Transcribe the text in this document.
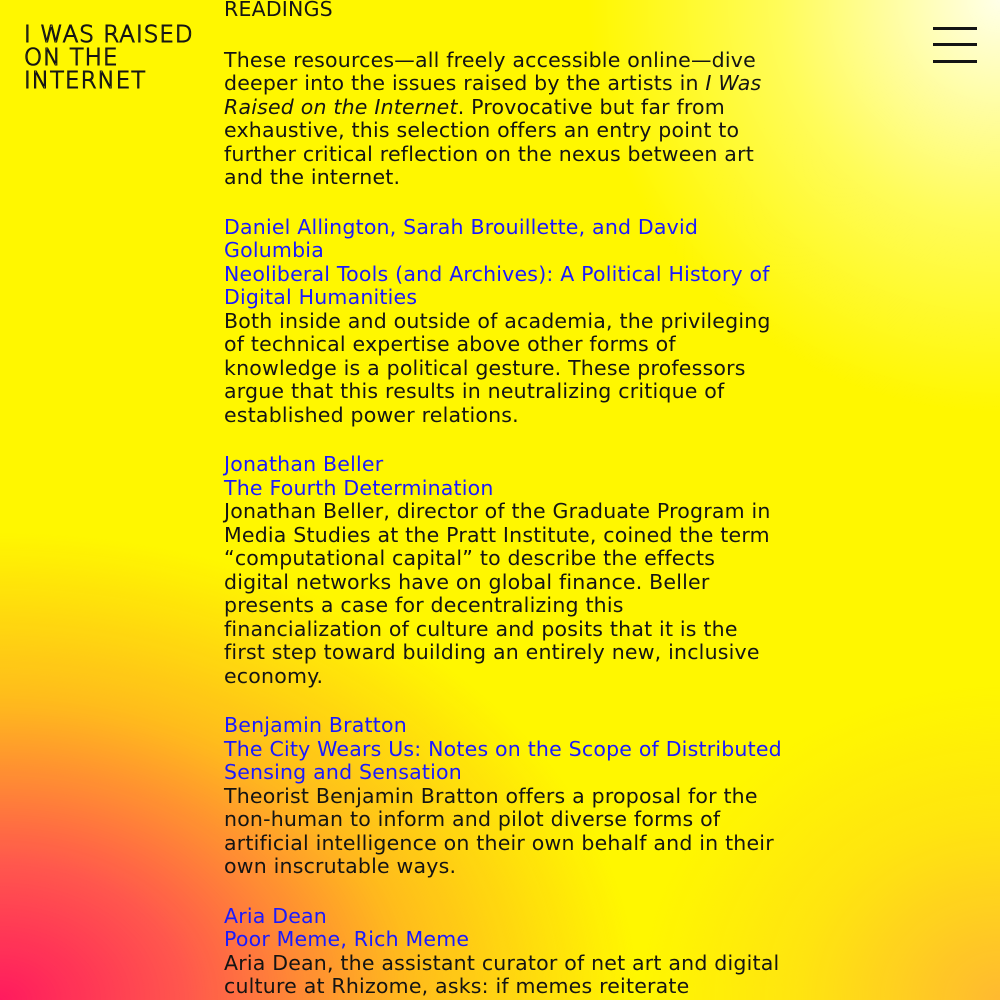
I WAS RAISED
ON THE
INTERNET
READINGS

These resources—all freely accessible online—dive deeper into the issues raised by the artists in I Was Raised on the Internet. Provocative but far from exhaustive, this selection offers an entry point to further critical reflection on the nexus between art and the internet.

Daniel Allington, Sarah Brouillette, and David Golumbia
Neoliberal Tools (and Archives): A Political History of Digital Humanities

Both inside and outside of academia, the privileging of technical expertise above other forms of knowledge is a political gesture. These professors argue that this results in neutralizing critique of established power relations.

Jonathan Beller
The Fourth Determination

Jonathan Beller, director of the Graduate Program in Media Studies at the Pratt Institute, coined the term “computational capital” to describe the effects digital networks have on global finance. Beller presents a case for decentralizing this financialization of culture and posits that it is the first step toward building an entirely new, inclusive economy.

Benjamin Bratton
The City Wears Us: Notes on the Scope of Distributed Sensing and Sensation

Theorist Benjamin Bratton offers a proposal for the non-human to inform and pilot diverse forms of artificial intelligence on their own behalf and in their own inscrutable ways.

Aria Dean
Poor Meme, Rich Meme

Aria Dean, the assistant curator of net art and digital culture at Rhizome, asks: if memes reiterate
